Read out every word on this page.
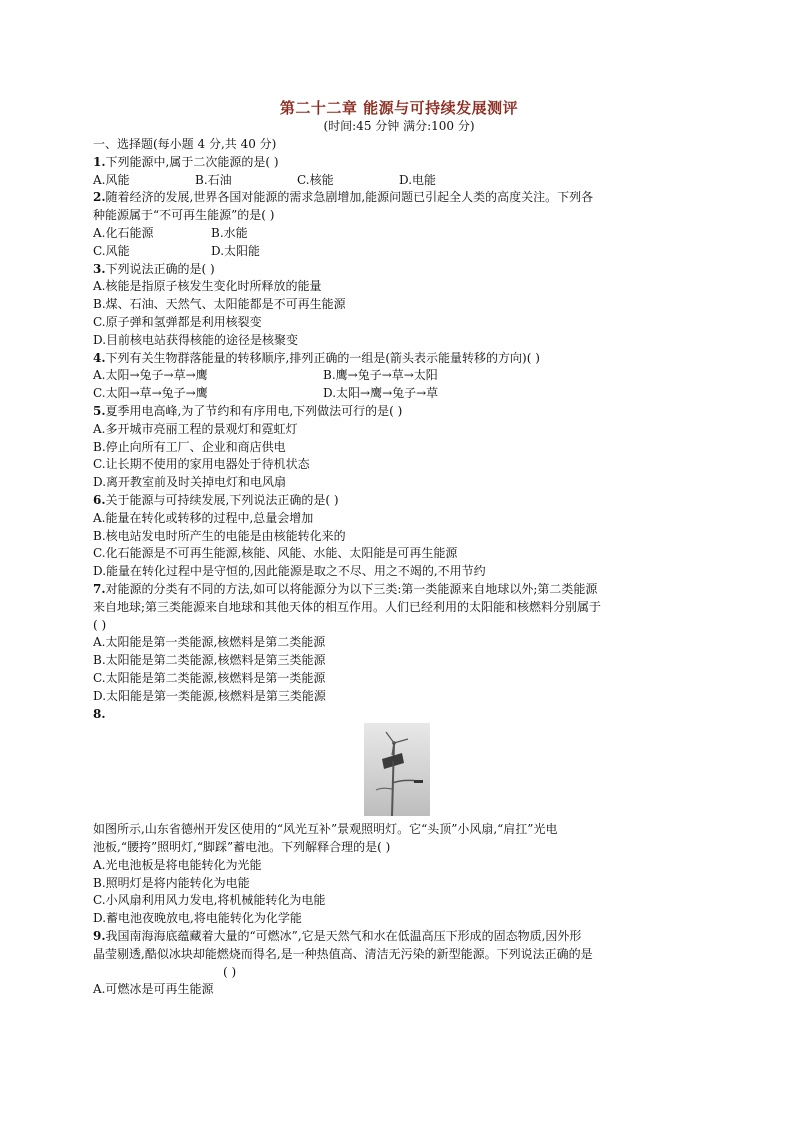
第二十二章 能源与可持续发展测评

(时间:45 分钟 满分:100 分)

一、选择题(每小题 4 分,共 40 分)

1.下列能源中,属于二次能源的是( )

A.风能	B.石油	C.核能	D.电能

2.随着经济的发展,世界各国对能源的需求急剧增加,能源问题已引起全人类的高度关注。下列各

种能源属于“不可再生能源”的是( )

A.化石能源	B.水能
C.风能	D.太阳能

3.下列说法正确的是( )

A.核能是指原子核发生变化时所释放的能量

B.煤、石油、天然气、太阳能都是不可再生能源

C.原子弹和氢弹都是利用核裂变

D.目前核电站获得核能的途径是核聚变

4.下列有关生物群落能量的转移顺序,排列正确的一组是(箭头表示能量转移的方向)( )

A.太阳→兔子→草→鹰	B.鹰→兔子→草→太阳
C.太阳→草→兔子→鹰	D.太阳→鹰→兔子→草

5.夏季用电高峰,为了节约和有序用电,下列做法可行的是( )

A.多开城市亮丽工程的景观灯和霓虹灯

B.停止向所有工厂、企业和商店供电

C.让长期不使用的家用电器处于待机状态

D.离开教室前及时关掉电灯和电风扇

6.关于能源与可持续发展,下列说法正确的是( )

A.能量在转化或转移的过程中,总量会增加

B.核电站发电时所产生的电能是由核能转化来的

C.化石能源是不可再生能源,核能、风能、水能、太阳能是可再生能源

D.能量在转化过程中是守恒的,因此能源是取之不尽、用之不竭的,不用节约

7.对能源的分类有不同的方法,如可以将能源分为以下三类:第一类能源来自地球以外;第二类能源

来自地球;第三类能源来自地球和其他天体的相互作用。人们已经利用的太阳能和核燃料分别属于

( )

A.太阳能是第一类能源,核燃料是第二类能源

B.太阳能是第二类能源,核燃料是第三类能源

C.太阳能是第二类能源,核燃料是第一类能源

D.太阳能是第一类能源,核燃料是第三类能源

8.

如图所示,山东省德州开发区使用的“风光互补”景观照明灯。它“头顶”小风扇,“肩扛”光电

池板,“腰挎”照明灯,“脚踩”蓄电池。下列解释合理的是( )

A.光电池板是将电能转化为光能

B.照明灯是将内能转化为电能

C.小风扇利用风力发电,将机械能转化为电能

D.蓄电池夜晚放电,将电能转化为化学能

9.我国南海海底蕴藏着大量的“可燃冰”,它是天然气和水在低温高压下形成的固态物质,因外形

晶莹剔透,酷似冰块却能燃烧而得名,是一种热值高、清洁无污染的新型能源。下列说法正确的是

( )

A.可燃冰是可再生能源
